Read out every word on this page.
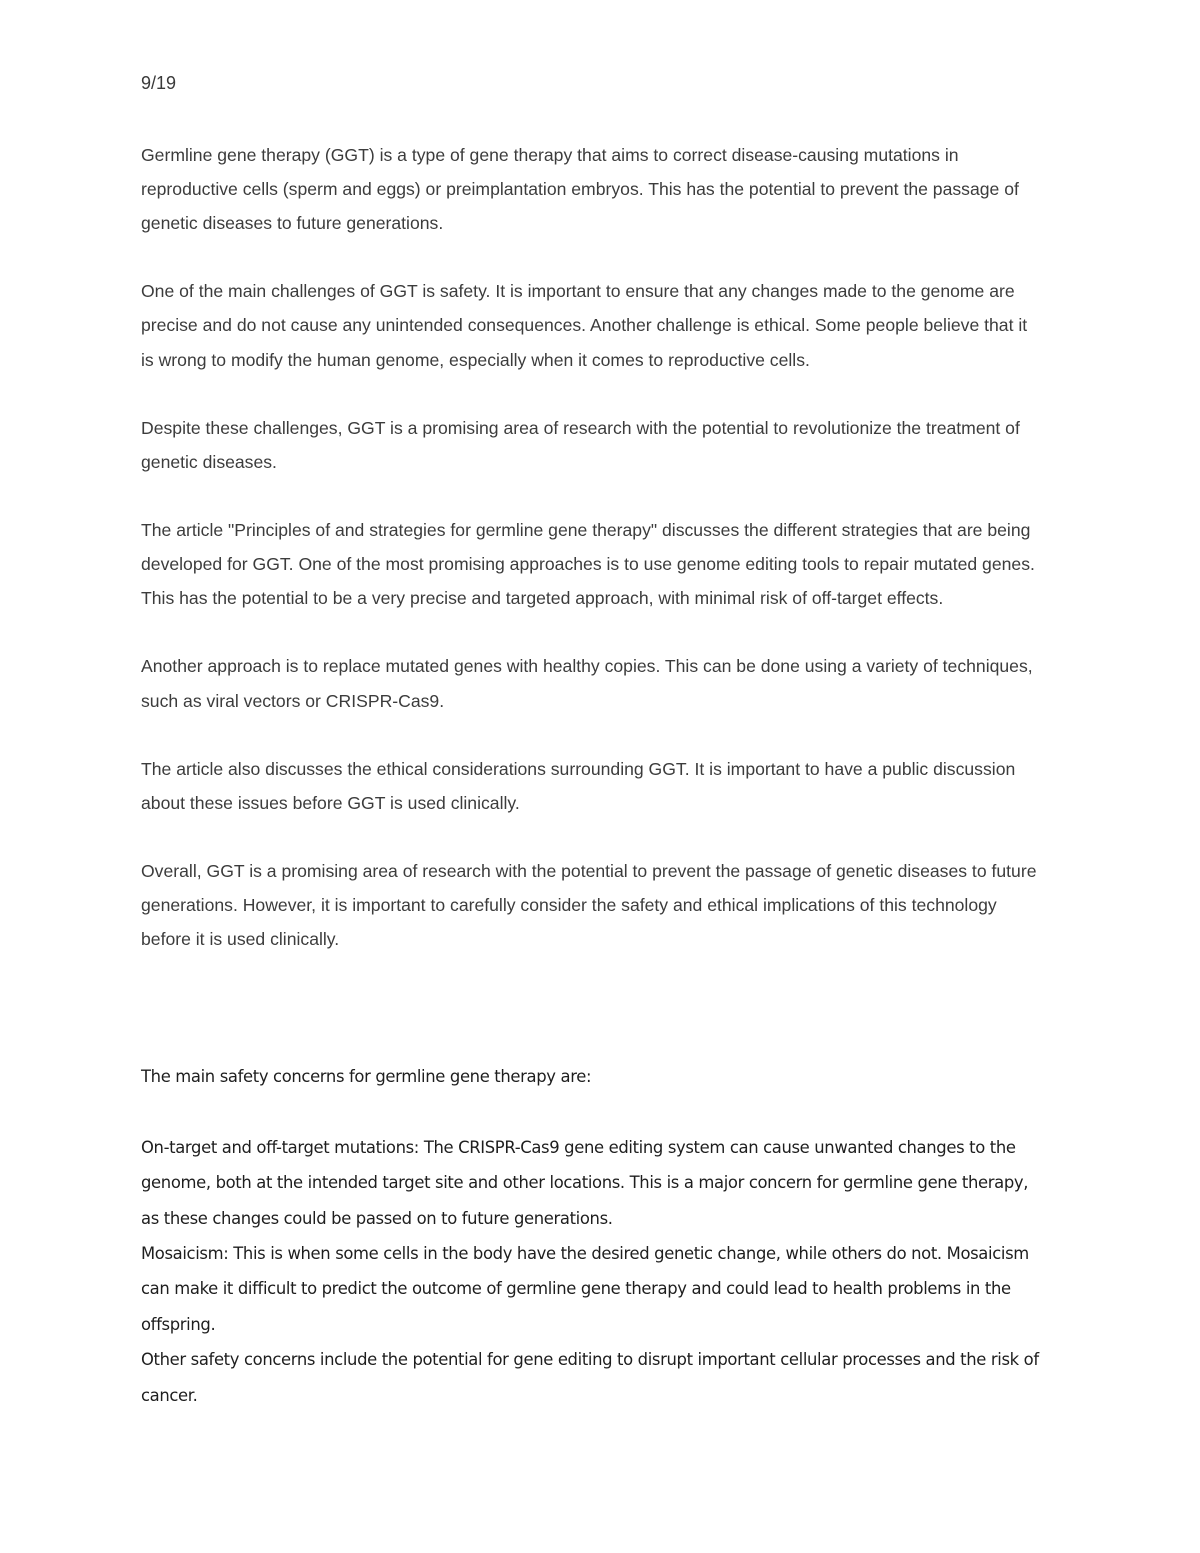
9/19

Germline gene therapy (GGT) is a type of gene therapy that aims to correct disease-causing mutations in reproductive cells (sperm and eggs) or preimplantation embryos. This has the potential to prevent the passage of genetic diseases to future generations.

One of the main challenges of GGT is safety. It is important to ensure that any changes made to the genome are precise and do not cause any unintended consequences. Another challenge is ethical. Some people believe that it is wrong to modify the human genome, especially when it comes to reproductive cells.

Despite these challenges, GGT is a promising area of research with the potential to revolutionize the treatment of genetic diseases.

The article "Principles of and strategies for germline gene therapy" discusses the different strategies that are being developed for GGT. One of the most promising approaches is to use genome editing tools to repair mutated genes. This has the potential to be a very precise and targeted approach, with minimal risk of off-target effects.

Another approach is to replace mutated genes with healthy copies. This can be done using a variety of techniques, such as viral vectors or CRISPR-Cas9.

The article also discusses the ethical considerations surrounding GGT. It is important to have a public discussion about these issues before GGT is used clinically.

Overall, GGT is a promising area of research with the potential to prevent the passage of genetic diseases to future generations. However, it is important to carefully consider the safety and ethical implications of this technology before it is used clinically.

The main safety concerns for germline gene therapy are:

On-target and off-target mutations: The CRISPR-Cas9 gene editing system can cause unwanted changes to the genome, both at the intended target site and other locations. This is a major concern for germline gene therapy, as these changes could be passed on to future generations.

Mosaicism: This is when some cells in the body have the desired genetic change, while others do not. Mosaicism can make it difficult to predict the outcome of germline gene therapy and could lead to health problems in the offspring.

Other safety concerns include the potential for gene editing to disrupt important cellular processes and the risk of cancer.
